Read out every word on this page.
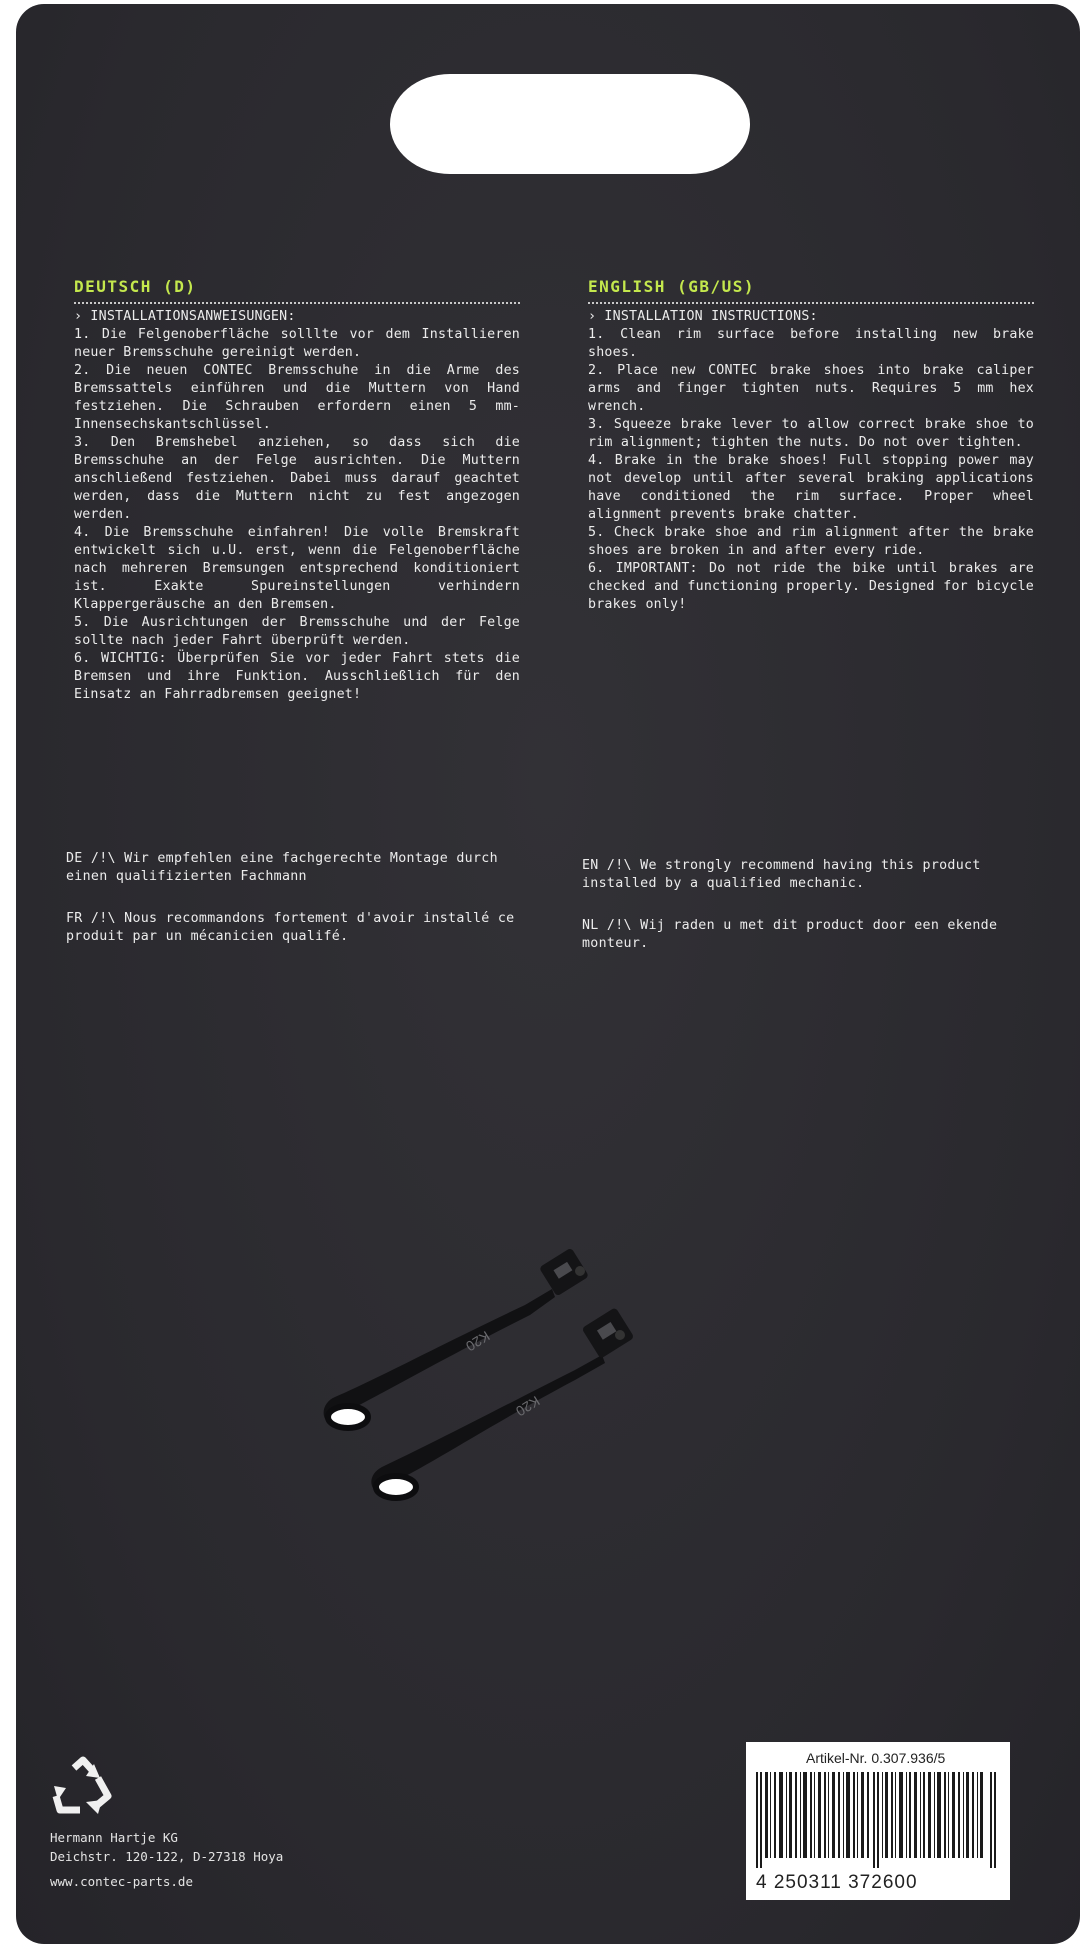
DEUTSCH (D)
› INSTALLATIONSANWEISUNGEN:

1. Die Felgenoberfläche solllte vor dem Installieren neuer Bremsschuhe gereinigt werden.

2. Die neuen CONTEC Bremsschuhe in die Arme des Bremssattels einführen und die Muttern von Hand festziehen. Die Schrauben erfordern einen 5 mm-Innensechskantschlüssel.

3. Den Bremshebel anziehen, so dass sich die Bremsschuhe an der Felge ausrichten. Die Muttern anschließend festziehen. Dabei muss darauf geachtet werden, dass die Muttern nicht zu fest angezogen werden.

4. Die Bremsschuhe einfahren! Die volle Bremskraft entwickelt sich u.U. erst, wenn die Felgenoberfläche nach mehreren Bremsungen entsprechend konditioniert ist. Exakte Spureinstellungen verhindern Klappergeräusche an den Bremsen.

5. Die Ausrichtungen der Bremsschuhe und der Felge sollte nach jeder Fahrt überprüft werden.

6. WICHTIG: Überprüfen Sie vor jeder Fahrt stets die Bremsen und ihre Funktion. Ausschließlich für den Einsatz an Fahrradbremsen geeignet!

ENGLISH (GB/US)
› INSTALLATION INSTRUCTIONS:

1. Clean rim surface before installing new brake shoes.

2. Place new CONTEC brake shoes into brake caliper arms and finger tighten nuts. Requires 5 mm hex wrench.

3. Squeeze brake lever to allow correct brake shoe to rim alignment; tighten the nuts. Do not over tighten.

4. Brake in the brake shoes! Full stopping power may not develop until after several braking applications have conditioned the rim surface. Proper wheel alignment prevents brake chatter.

5. Check brake shoe and rim alignment after the brake shoes are broken in and after every ride.

6. IMPORTANT: Do not ride the bike until brakes are checked and functioning properly. Designed for bicycle brakes only!

DE /!\ Wir empfehlen eine fachgerechte Montage durch einen qualifizierten Fachmann
EN /!\ We strongly recommend having this product installed by a qualified mechanic.
FR /!\ Nous recommandons fortement d'avoir installé ce produit par un mécanicien qualifé.
NL /!\ Wij raden u met dit product door een ekende monteur.
K20
K20
Hermann Hartje KG
Deichstr. 120-122, D-27318 Hoya
www.contec-parts.de
Artikel-Nr. 0.307.936/5
4 250311 372600
